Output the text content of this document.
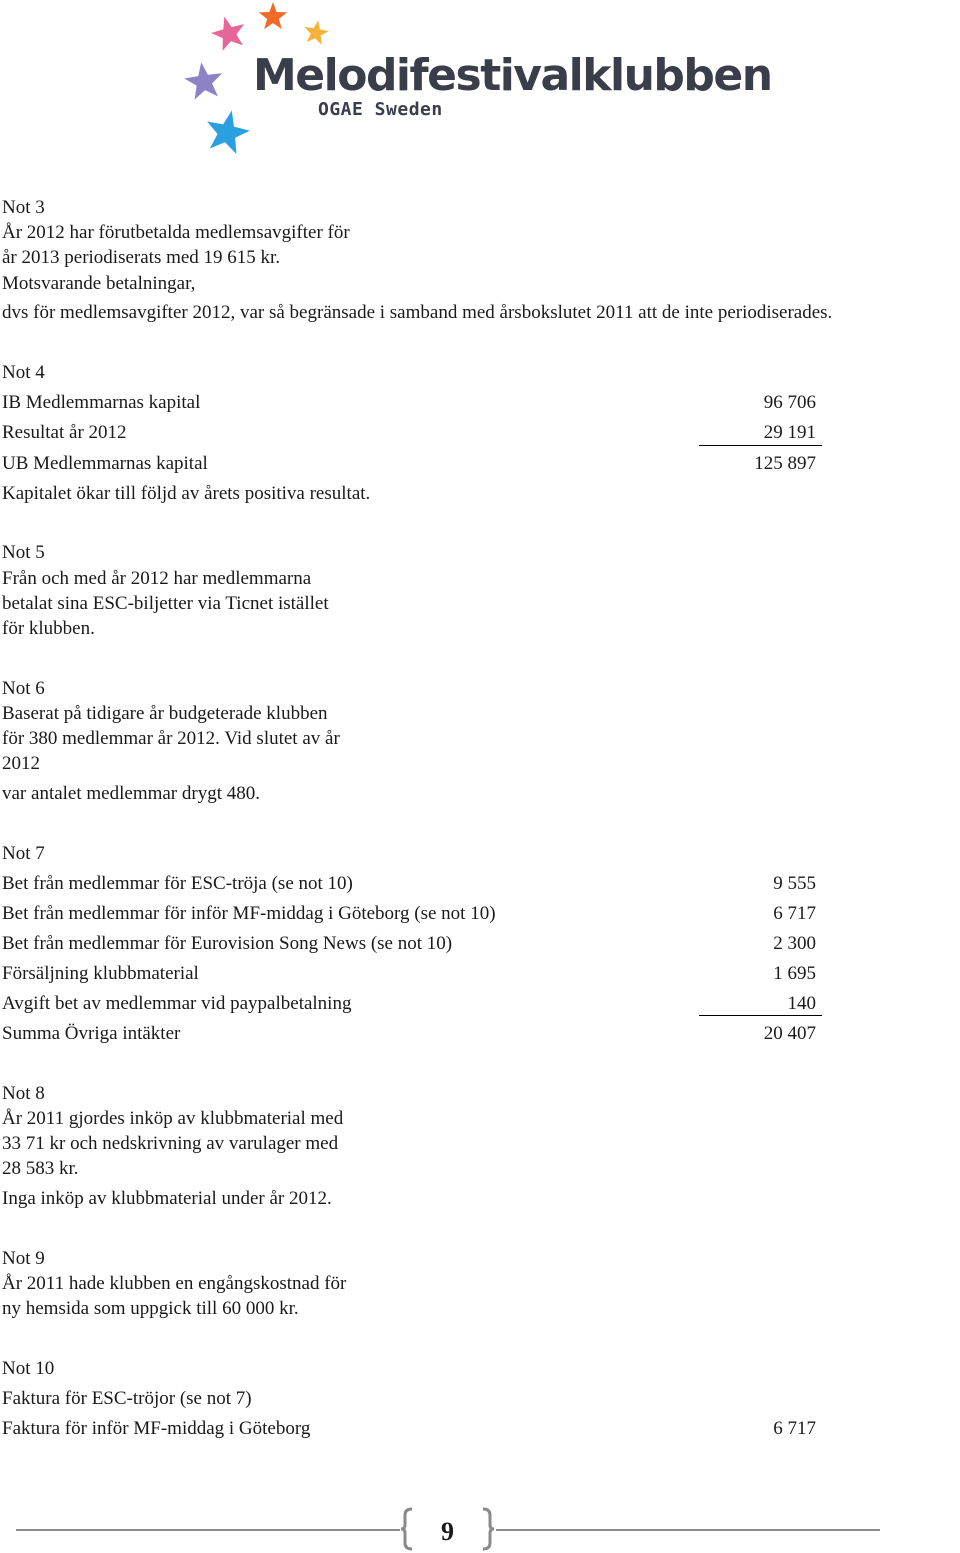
Melodifestivalklubben
OGAE Sweden
Not 3
År 2012 har förutbetalda medlemsavgifter för
år 2013 periodiserats med 19 615 kr.
Motsvarande betalningar,
dvs för medlemsavgifter 2012, var så begränsade i samband med årsbokslutet 2011 att de inte periodiserades.
Not 4
IB Medlemmarnas kapital	96 706
Resultat år 2012	29 191
UB Medlemmarnas kapital	125 897
Kapitalet ökar till följd av årets positiva resultat.
Not 5
Från och med år 2012 har medlemmarna
betalat sina ESC-biljetter via Ticnet istället
för klubben.
Not 6
Baserat på tidigare år budgeterade klubben
för 380 medlemmar år 2012. Vid slutet av år
2012
var antalet medlemmar drygt 480.
Not 7
Bet från medlemmar för ESC-tröja (se not 10)	9 555
Bet från medlemmar för inför MF-middag i Göteborg (se not 10)	6 717
Bet från medlemmar för Eurovision Song News (se not 10)	2 300
Försäljning klubbmaterial	1 695
Avgift bet av medlemmar vid paypalbetalning	140
Summa Övriga intäkter	20 407
Not 8
År 2011 gjordes inköp av klubbmaterial med
33 71 kr och nedskrivning av varulager med
28 583 kr.
Inga inköp av klubbmaterial under år 2012.
Not 9
År 2011 hade klubben en engångskostnad för
ny hemsida som uppgick till 60 000 kr.
Not 10
Faktura för ESC-tröjor (se not 7)
Faktura för inför MF-middag i Göteborg	6 717
9
